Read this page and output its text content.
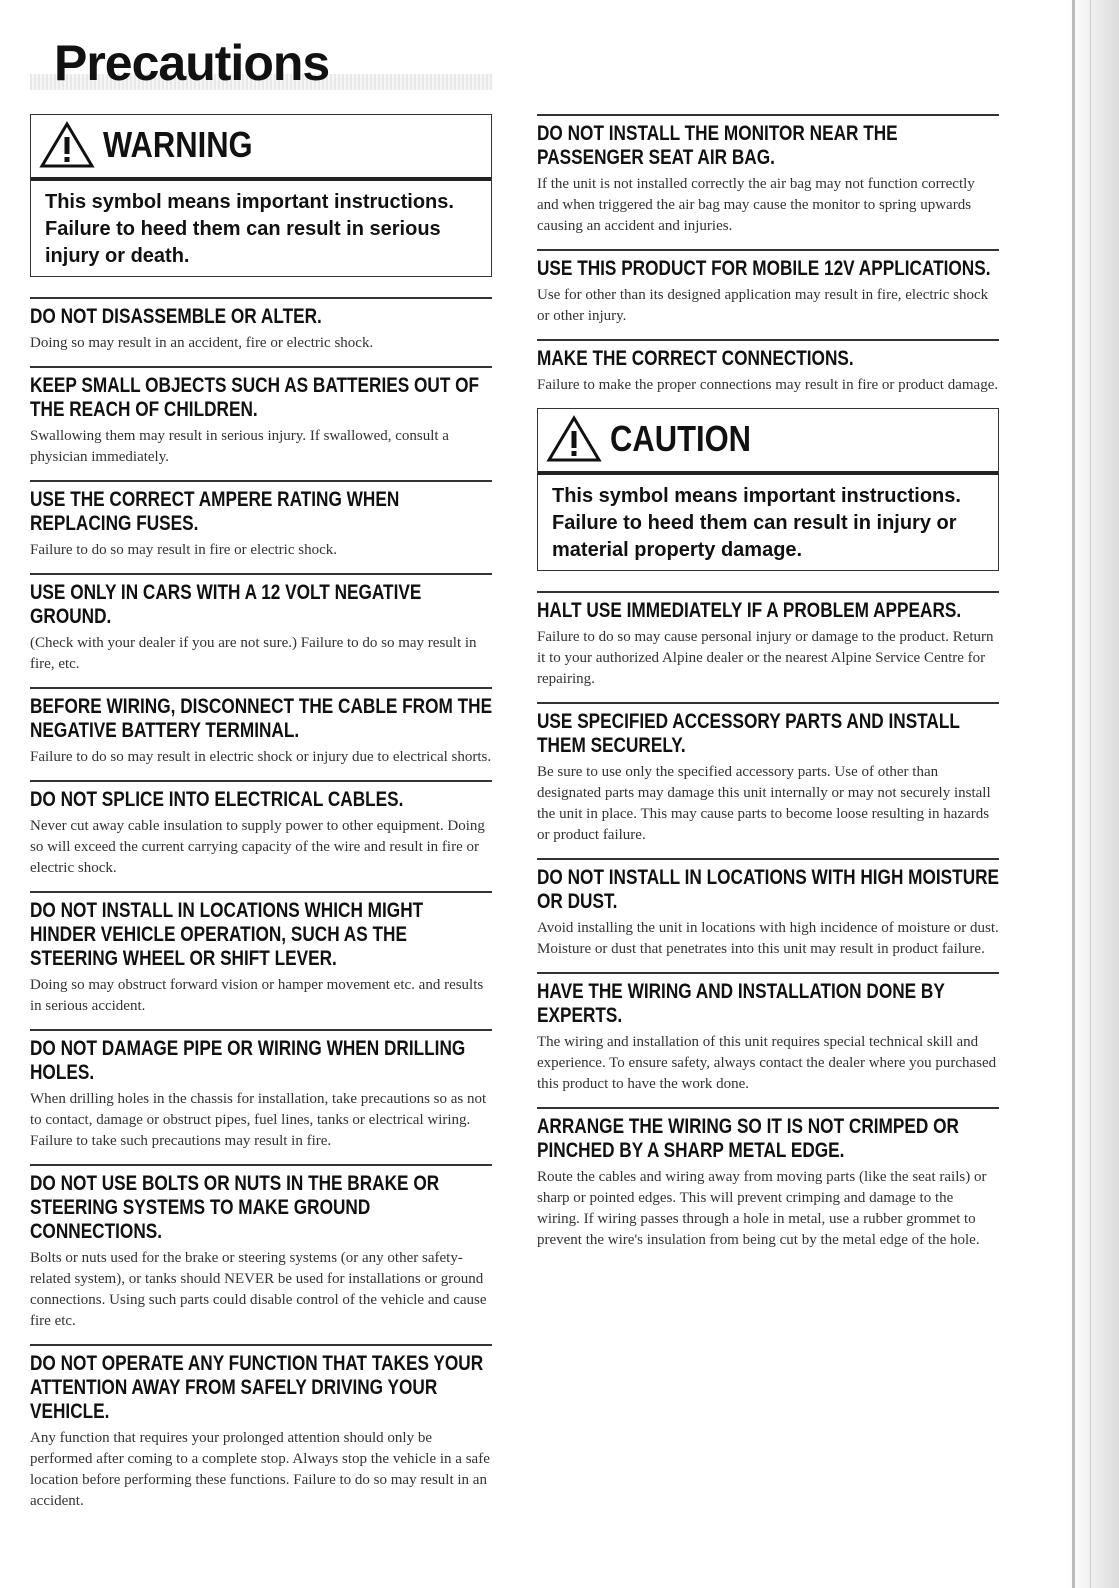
Precautions
WARNING
This symbol means important instructions. Failure to heed them can result in serious injury or death.
DO NOT DISASSEMBLE OR ALTER.
Doing so may result in an accident, fire or electric shock.
KEEP SMALL OBJECTS SUCH AS BATTERIES OUT OF THE REACH OF CHILDREN.
Swallowing them may result in serious injury. If swallowed, consult a physician immediately.
USE THE CORRECT AMPERE RATING WHEN REPLACING FUSES.
Failure to do so may result in fire or electric shock.
USE ONLY IN CARS WITH A 12 VOLT NEGATIVE GROUND.
(Check with your dealer if you are not sure.) Failure to do so may result in fire, etc.
BEFORE WIRING, DISCONNECT THE CABLE FROM THE NEGATIVE BATTERY TERMINAL.
Failure to do so may result in electric shock or injury due to electrical shorts.
DO NOT SPLICE INTO ELECTRICAL CABLES.
Never cut away cable insulation to supply power to other equipment. Doing so will exceed the current carrying capacity of the wire and result in fire or electric shock.
DO NOT INSTALL IN LOCATIONS WHICH MIGHT HINDER VEHICLE OPERATION, SUCH AS THE STEERING WHEEL OR SHIFT LEVER.
Doing so may obstruct forward vision or hamper movement etc. and results in serious accident.
DO NOT DAMAGE PIPE OR WIRING WHEN DRILLING HOLES.
When drilling holes in the chassis for installation, take precautions so as not to contact, damage or obstruct pipes, fuel lines, tanks or electrical wiring. Failure to take such precautions may result in fire.
DO NOT USE BOLTS OR NUTS IN THE BRAKE OR STEERING SYSTEMS TO MAKE GROUND CONNECTIONS.
Bolts or nuts used for the brake or steering systems (or any other safety-related system), or tanks should NEVER be used for installations or ground connections. Using such parts could disable control of the vehicle and cause fire etc.
DO NOT OPERATE ANY FUNCTION THAT TAKES YOUR ATTENTION AWAY FROM SAFELY DRIVING YOUR VEHICLE.
Any function that requires your prolonged attention should only be performed after coming to a complete stop. Always stop the vehicle in a safe location before performing these functions. Failure to do so may result in an accident.
DO NOT INSTALL THE MONITOR NEAR THE PASSENGER SEAT AIR BAG.
If the unit is not installed correctly the air bag may not function correctly and when triggered the air bag may cause the monitor to spring upwards causing an accident and injuries.
USE THIS PRODUCT FOR MOBILE 12V APPLICATIONS.
Use for other than its designed application may result in fire, electric shock or other injury.
MAKE THE CORRECT CONNECTIONS.
Failure to make the proper connections may result in fire or product damage.
CAUTION
This symbol means important instructions. Failure to heed them can result in injury or material property damage.
HALT USE IMMEDIATELY IF A PROBLEM APPEARS.
Failure to do so may cause personal injury or damage to the product. Return it to your authorized Alpine dealer or the nearest Alpine Service Centre for repairing.
USE SPECIFIED ACCESSORY PARTS AND INSTALL THEM SECURELY.
Be sure to use only the specified accessory parts. Use of other than designated parts may damage this unit internally or may not securely install the unit in place. This may cause parts to become loose resulting in hazards or product failure.
DO NOT INSTALL IN LOCATIONS WITH HIGH MOISTURE OR DUST.
Avoid installing the unit in locations with high incidence of moisture or dust. Moisture or dust that penetrates into this unit may result in product failure.
HAVE THE WIRING AND INSTALLATION DONE BY EXPERTS.
The wiring and installation of this unit requires special technical skill and experience. To ensure safety, always contact the dealer where you purchased this product to have the work done.
ARRANGE THE WIRING SO IT IS NOT CRIMPED OR PINCHED BY A SHARP METAL EDGE.
Route the cables and wiring away from moving parts (like the seat rails) or sharp or pointed edges. This will prevent crimping and damage to the wiring. If wiring passes through a hole in metal, use a rubber grommet to prevent the wire's insulation from being cut by the metal edge of the hole.
